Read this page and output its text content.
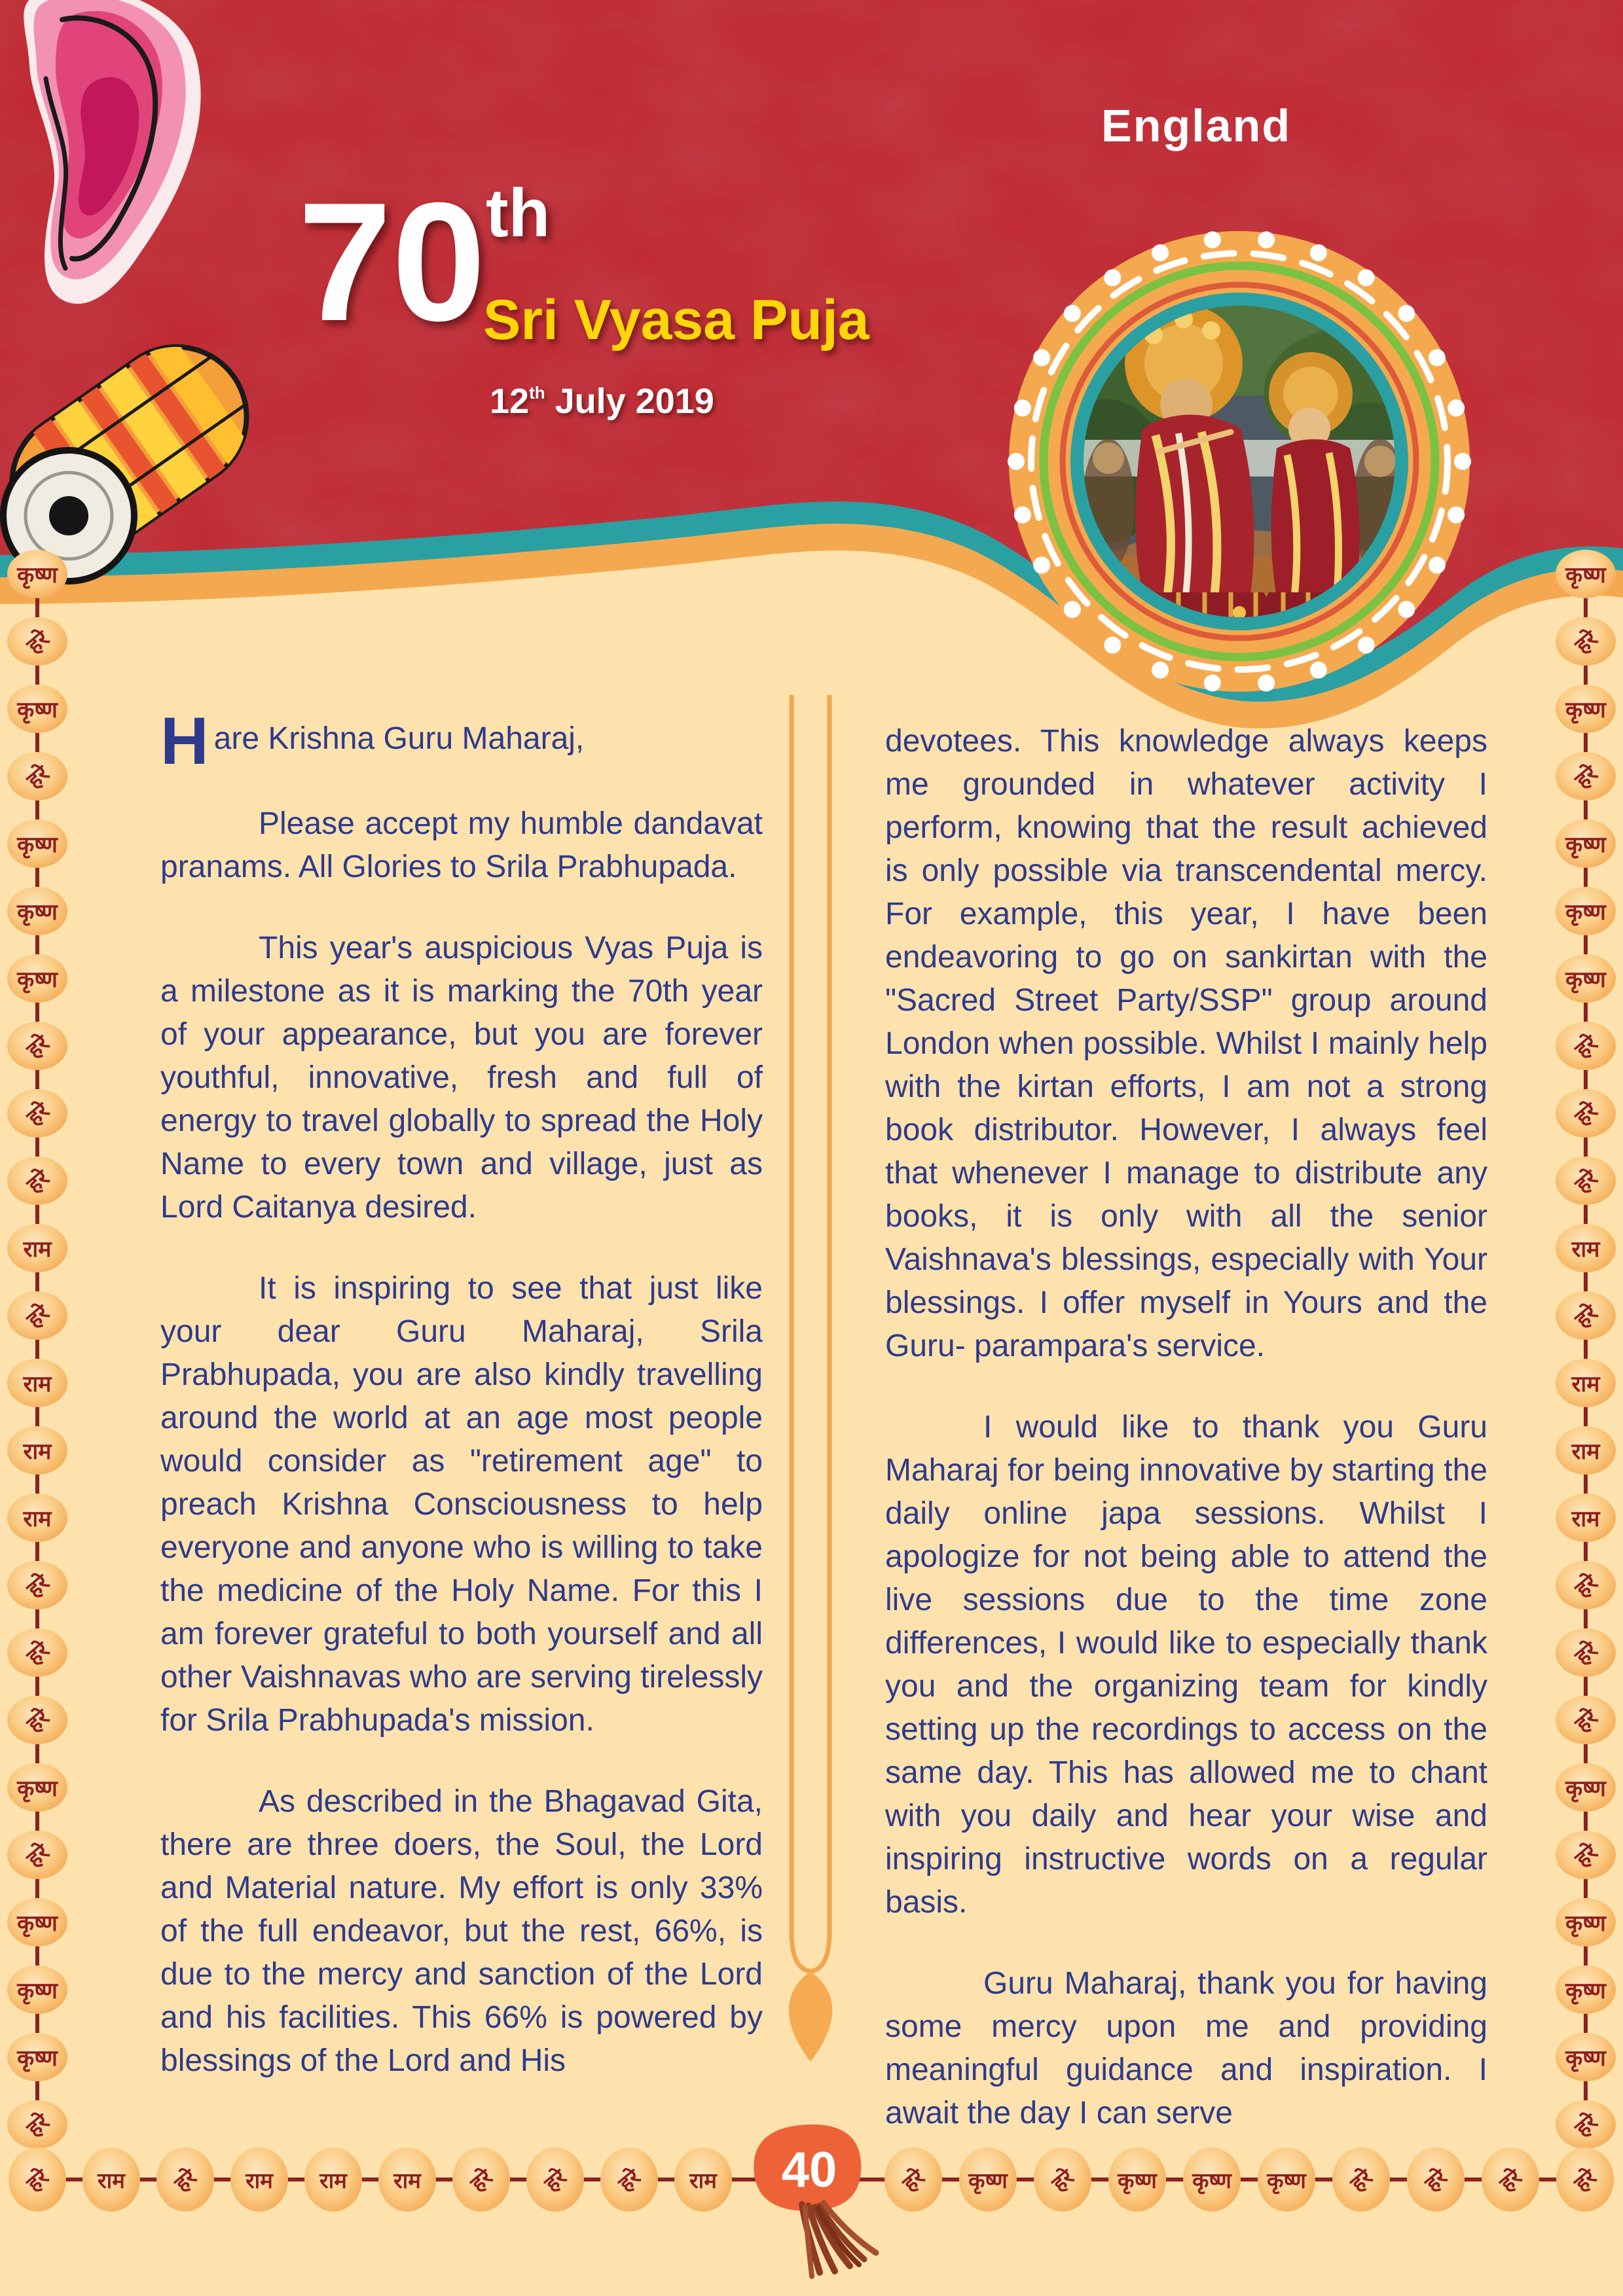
England
70th
Sri Vyasa Puja
12th July 2019

Hare Krishna Guru Maharaj,

Please accept my humble dandavat pranams. All Glories to Srila Prabhupada.

This year's auspicious Vyas Puja is a milestone as it is marking the 70th year of your appearance, but you are forever youthful, innovative, fresh and full of energy to travel globally to spread the Holy Name to every town and village, just as Lord Caitanya desired.

It is inspiring to see that just like your dear Guru Maharaj, Srila Prabhupada, you are also kindly travelling around the world at an age most people would consider as "retirement age" to preach Krishna Consciousness to help everyone and anyone who is willing to take the medicine of the Holy Name. For this I am forever grateful to both yourself and all other Vaishnavas who are serving tirelessly for Srila Prabhupada's mission.

As described in the Bhagavad Gita, there are three doers, the Soul, the Lord and Material nature. My effort is only 33% of the full endeavor, but the rest, 66%, is due to the mercy and sanction of the Lord and his facilities. This 66% is powered by blessings of the Lord and His

devotees. This knowledge always keeps me grounded in whatever activity I perform, knowing that the result achieved is only possible via transcendental mercy. For example, this year, I have been endeavoring to go on sankirtan with the "Sacred Street Party/SSP" group around London when possible. Whilst I mainly help with the kirtan efforts, I am not a strong book distributor. However, I always feel that whenever I manage to distribute any books, it is only with all the senior Vaishnava's blessings, especially with Your blessings. I offer myself in Yours and the Guru- parampara's service.

I would like to thank you Guru Maharaj for being innovative by starting the daily online japa sessions. Whilst I apologize for not being able to attend the live sessions due to the time zone differences, I would like to especially thank you and the organizing team for kindly setting up the recordings to access on the same day. This has allowed me to chant with you daily and hear your wise and inspiring instructive words on a regular basis.

Guru Maharaj, thank you for having some mercy upon me and providing meaningful guidance and inspiration. I await the day I can serve

कृष्ण
हरे
कृष्ण
हरे
कृष्ण
कृष्ण
कृष्ण
हरे
हरे
हरे
राम
हरे
राम
राम
राम
हरे
हरे
हरे
कृष्ण
हरे
कृष्ण
कृष्ण
कृष्ण
हरे
कृष्ण
हरे
कृष्ण
हरे
कृष्ण
कृष्ण
कृष्ण
हरे
हरे
हरे
राम
हरे
राम
राम
राम
हरे
हरे
हरे
कृष्ण
हरे
कृष्ण
कृष्ण
कृष्ण
हरे
40
हरे राम हरे राम राम राम हरे हरे हरे राम	हरे कृष्ण हरे कृष्ण कृष्ण कृष्ण हरे हरे हरे हरे
